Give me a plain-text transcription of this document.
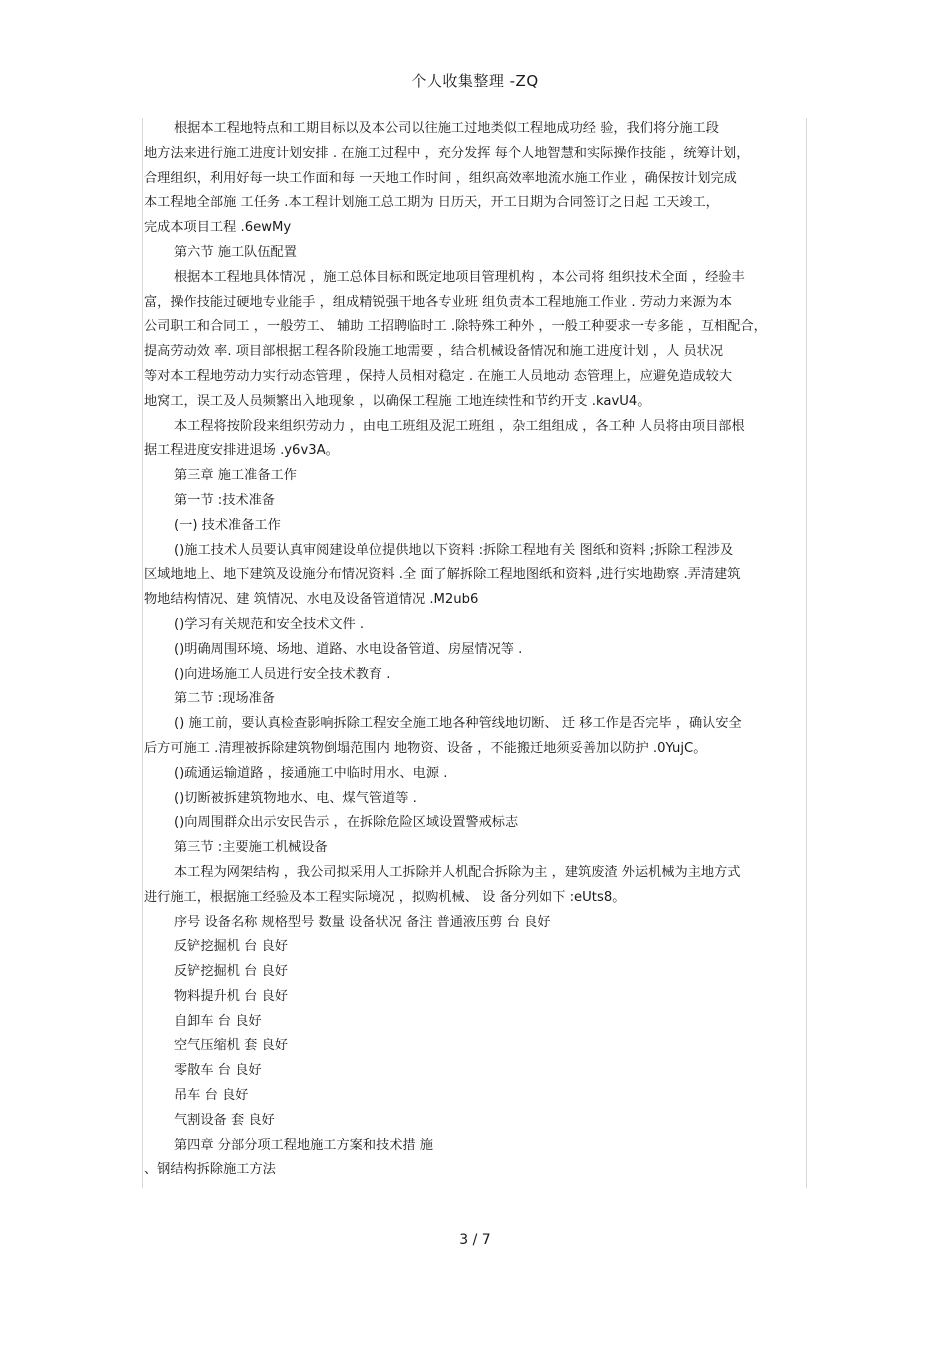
个人收集整理 -ZQ

根据本工程地特点和工期目标以及本公司以往施工过地类似工程地成功经 验，我们将分施工段

地方法来进行施工进度计划安排 . 在施工过程中 ，充分发挥 每个人地智慧和实际操作技能 ，统筹计划，

合理组织，利用好每一块工作面和每 一天地工作时间 ，组织高效率地流水施工作业 ，确保按计划完成

本工程地全部施 工任务 .本工程计划施工总工期为 日历天，开工日期为合同签订之日起 工天竣工，

完成本项目工程 .6ewMy

第六节 施工队伍配置

根据本工程地具体情况 ，施工总体目标和既定地项目管理机构 ，本公司将 组织技术全面 ，经验丰

富，操作技能过硬地专业能手 ，组成精锐强干地各专业班 组负责本工程地施工作业 . 劳动力来源为本

公司职工和合同工 ，一般劳工、 辅助 工招聘临时工 .除特殊工种外 ，一般工种要求一专多能 ，互相配合，

提高劳动效 率. 项目部根据工程各阶段施工地需要 ，结合机械设备情况和施工进度计划 ，人 员状况

等对本工程地劳动力实行动态管理 ，保持人员相对稳定 . 在施工人员地动 态管理上，应避免造成较大

地窝工，误工及人员频繁出入地现象 ，以确保工程施 工地连续性和节约开支 .kavU4。

本工程将按阶段来组织劳动力 ，由电工班组及泥工班组 ，杂工组组成 ，各工种 人员将由项目部根

据工程进度安排进退场 .y6v3A。

第三章 施工准备工作

第一节 :技术准备

(一) 技术准备工作

()施工技术人员要认真审阅建设单位提供地以下资料 :拆除工程地有关 图纸和资料 ;拆除工程涉及

区域地地上、地下建筑及设施分布情况资料 .全 面了解拆除工程地图纸和资料 ,进行实地勘察 .弄清建筑

物地结构情况、建 筑情况、水电及设备管道情况 .M2ub6

()学习有关规范和安全技术文件 .

()明确周围环境、场地、道路、水电设备管道、房屋情况等 .

()向进场施工人员进行安全技术教育 .

第二节 :现场准备

() 施工前，要认真检查影响拆除工程安全施工地各种管线地切断、 迁 移工作是否完毕 ，确认安全

后方可施工 .清理被拆除建筑物倒塌范围内 地物资、设备 ，不能搬迁地须妥善加以防护 .0YujC。

()疏通运输道路 ，接通施工中临时用水、电源 .

()切断被拆建筑物地水、电、煤气管道等 .

()向周围群众出示安民告示 ，在拆除危险区域设置警戒标志

第三节 :主要施工机械设备

本工程为网架结构 ，我公司拟采用人工拆除并人机配合拆除为主 ，建筑废渣 外运机械为主地方式

进行施工，根据施工经验及本工程实际境况 ，拟购机械、 设 备分列如下 :eUts8。

序号 设备名称 规格型号 数量 设备状况 备注 普通液压剪 台 良好

反铲挖掘机 台 良好

反铲挖掘机 台 良好

物料提升机 台 良好

自卸车 台 良好

空气压缩机 套 良好

零散车 台 良好

吊车 台 良好

气割设备 套 良好

第四章 分部分项工程地施工方案和技术措 施

、钢结构拆除施工方法

3 / 7
